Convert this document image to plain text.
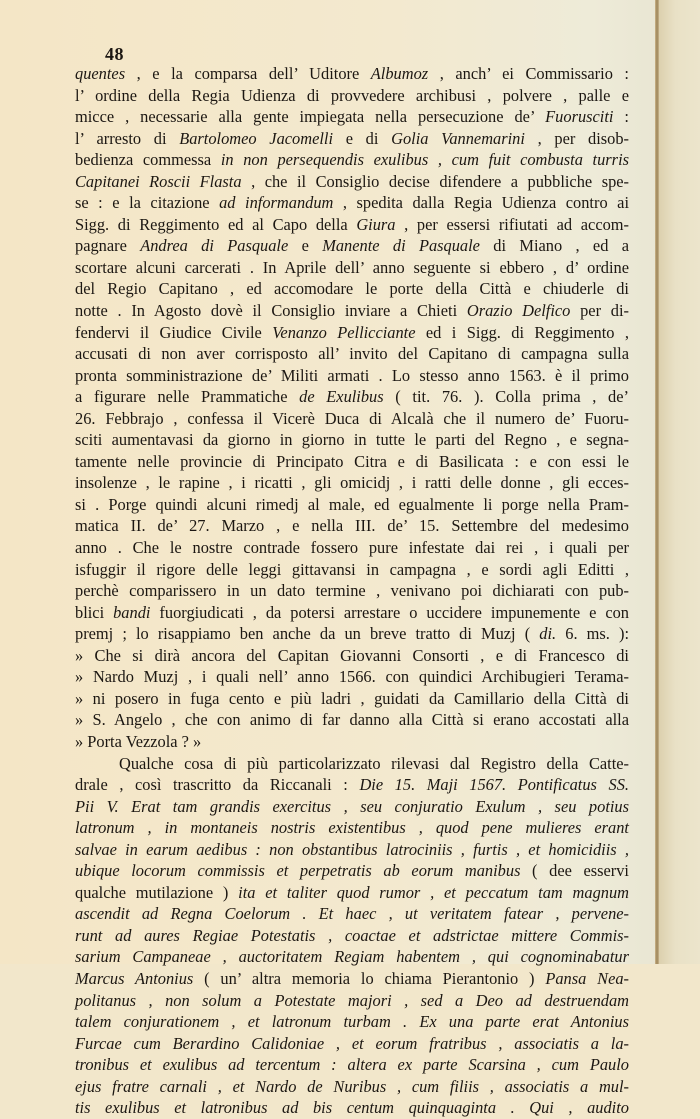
48
quentes , e la comparsa dell’ Uditore Albumoz , anch’ ei Commissario :
l’ ordine della Regia Udienza di provvedere archibusi , polvere , palle e
micce , necessarie alla gente impiegata nella persecuzione de’ Fuorusciti :
l’ arresto di Bartolomeo Jacomelli e di Golia Vannemarini , per disob-
bedienza commessa in non persequendis exulibus , cum fuit combusta turris
Capitanei Roscii Flasta , che il Consiglio decise difendere a pubbliche spe-
se : e la citazione ad informandum , spedita dalla Regia Udienza contro ai
Sigg. di Reggimento ed al Capo della Giura , per essersi rifiutati ad accom-
pagnare Andrea di Pasquale e Manente di Pasquale di Miano , ed a
scortare alcuni carcerati . In Aprile dell’ anno seguente si ebbero , d’ ordine
del Regio Capitano , ed accomodare le porte della Città e chiuderle di
notte . In Agosto dovè il Consiglio inviare a Chieti Orazio Delfico per di-
fendervi il Giudice Civile Venanzo Pellicciante ed i Sigg. di Reggimento ,
accusati di non aver corrisposto all’ invito del Capitano di campagna sulla
pronta somministrazione de’ Militi armati . Lo stesso anno 1563. è il primo
a figurare nelle Prammatiche de Exulibus ( tit. 76. ). Colla prima , de’
26. Febbrajo , confessa il Vicerè Duca di Alcalà che il numero de’ Fuoru-
sciti aumentavasi da giorno in giorno in tutte le parti del Regno , e segna-
tamente nelle provincie di Principato Citra e di Basilicata : e con essi le
insolenze , le rapine , i ricatti , gli omicidj , i ratti delle donne , gli ecces-
si . Porge quindi alcuni rimedj al male, ed egualmente li porge nella Pram-
matica II. de’ 27. Marzo , e nella III. de’ 15. Settembre del medesimo
anno . Che le nostre contrade fossero pure infestate dai rei , i quali per
isfuggir il rigore delle leggi gittavansi in campagna , e sordi agli Editti ,
perchè comparissero in un dato termine , venivano poi dichiarati con pub-
blici bandi fuorgiudicati , da potersi arrestare o uccidere impunemente e con
premj ; lo risappiamo ben anche da un breve tratto di Muzj ( di. 6. ms. ):
» Che si dirà ancora del Capitan Giovanni Consorti , e di Francesco di
» Nardo Muzj , i quali nell’ anno 1566. con quindici Archibugieri Terama-
» ni posero in fuga cento e più ladri , guidati da Camillario della Città di
» S. Angelo , che con animo di far danno alla Città si erano accostati alla
» Porta Vezzola ? »
Qualche cosa di più particolarizzato rilevasi dal Registro della Catte-
drale , così trascritto da Riccanali : Die 15. Maji 1567. Pontificatus SS.
Pii V. Erat tam grandis exercitus , seu conjuratio Exulum , seu potius
latronum , in montaneis nostris existentibus , quod pene mulieres erant
salvae in earum aedibus : non obstantibus latrociniis , furtis , et homicidiis ,
ubique locorum commissis et perpetratis ab eorum manibus ( dee esservi
qualche mutilazione ) ita et taliter quod rumor , et peccatum tam magnum
ascendit ad Regna Coelorum . Et haec , ut veritatem fatear , pervene-
runt ad aures Regiae Potestatis , coactae et adstrictae mittere Commis-
sarium Campaneae , auctoritatem Regiam habentem , qui cognominabatur
Marcus Antonius ( un’ altra memoria lo chiama Pierantonio ) Pansa Nea-
politanus , non solum a Potestate majori , sed a Deo ad destruendam
talem conjurationem , et latronum turbam . Ex una parte erat Antonius
Furcae cum Berardino Calidoniae , et eorum fratribus , associatis a la-
tronibus et exulibus ad tercentum : altera ex parte Scarsina , cum Paulo
ejus fratre carnali , et Nardo de Nuribus , cum filiis , associatis a mul-
tis exulibus et latronibus ad bis centum quinquaginta . Qui , audito
